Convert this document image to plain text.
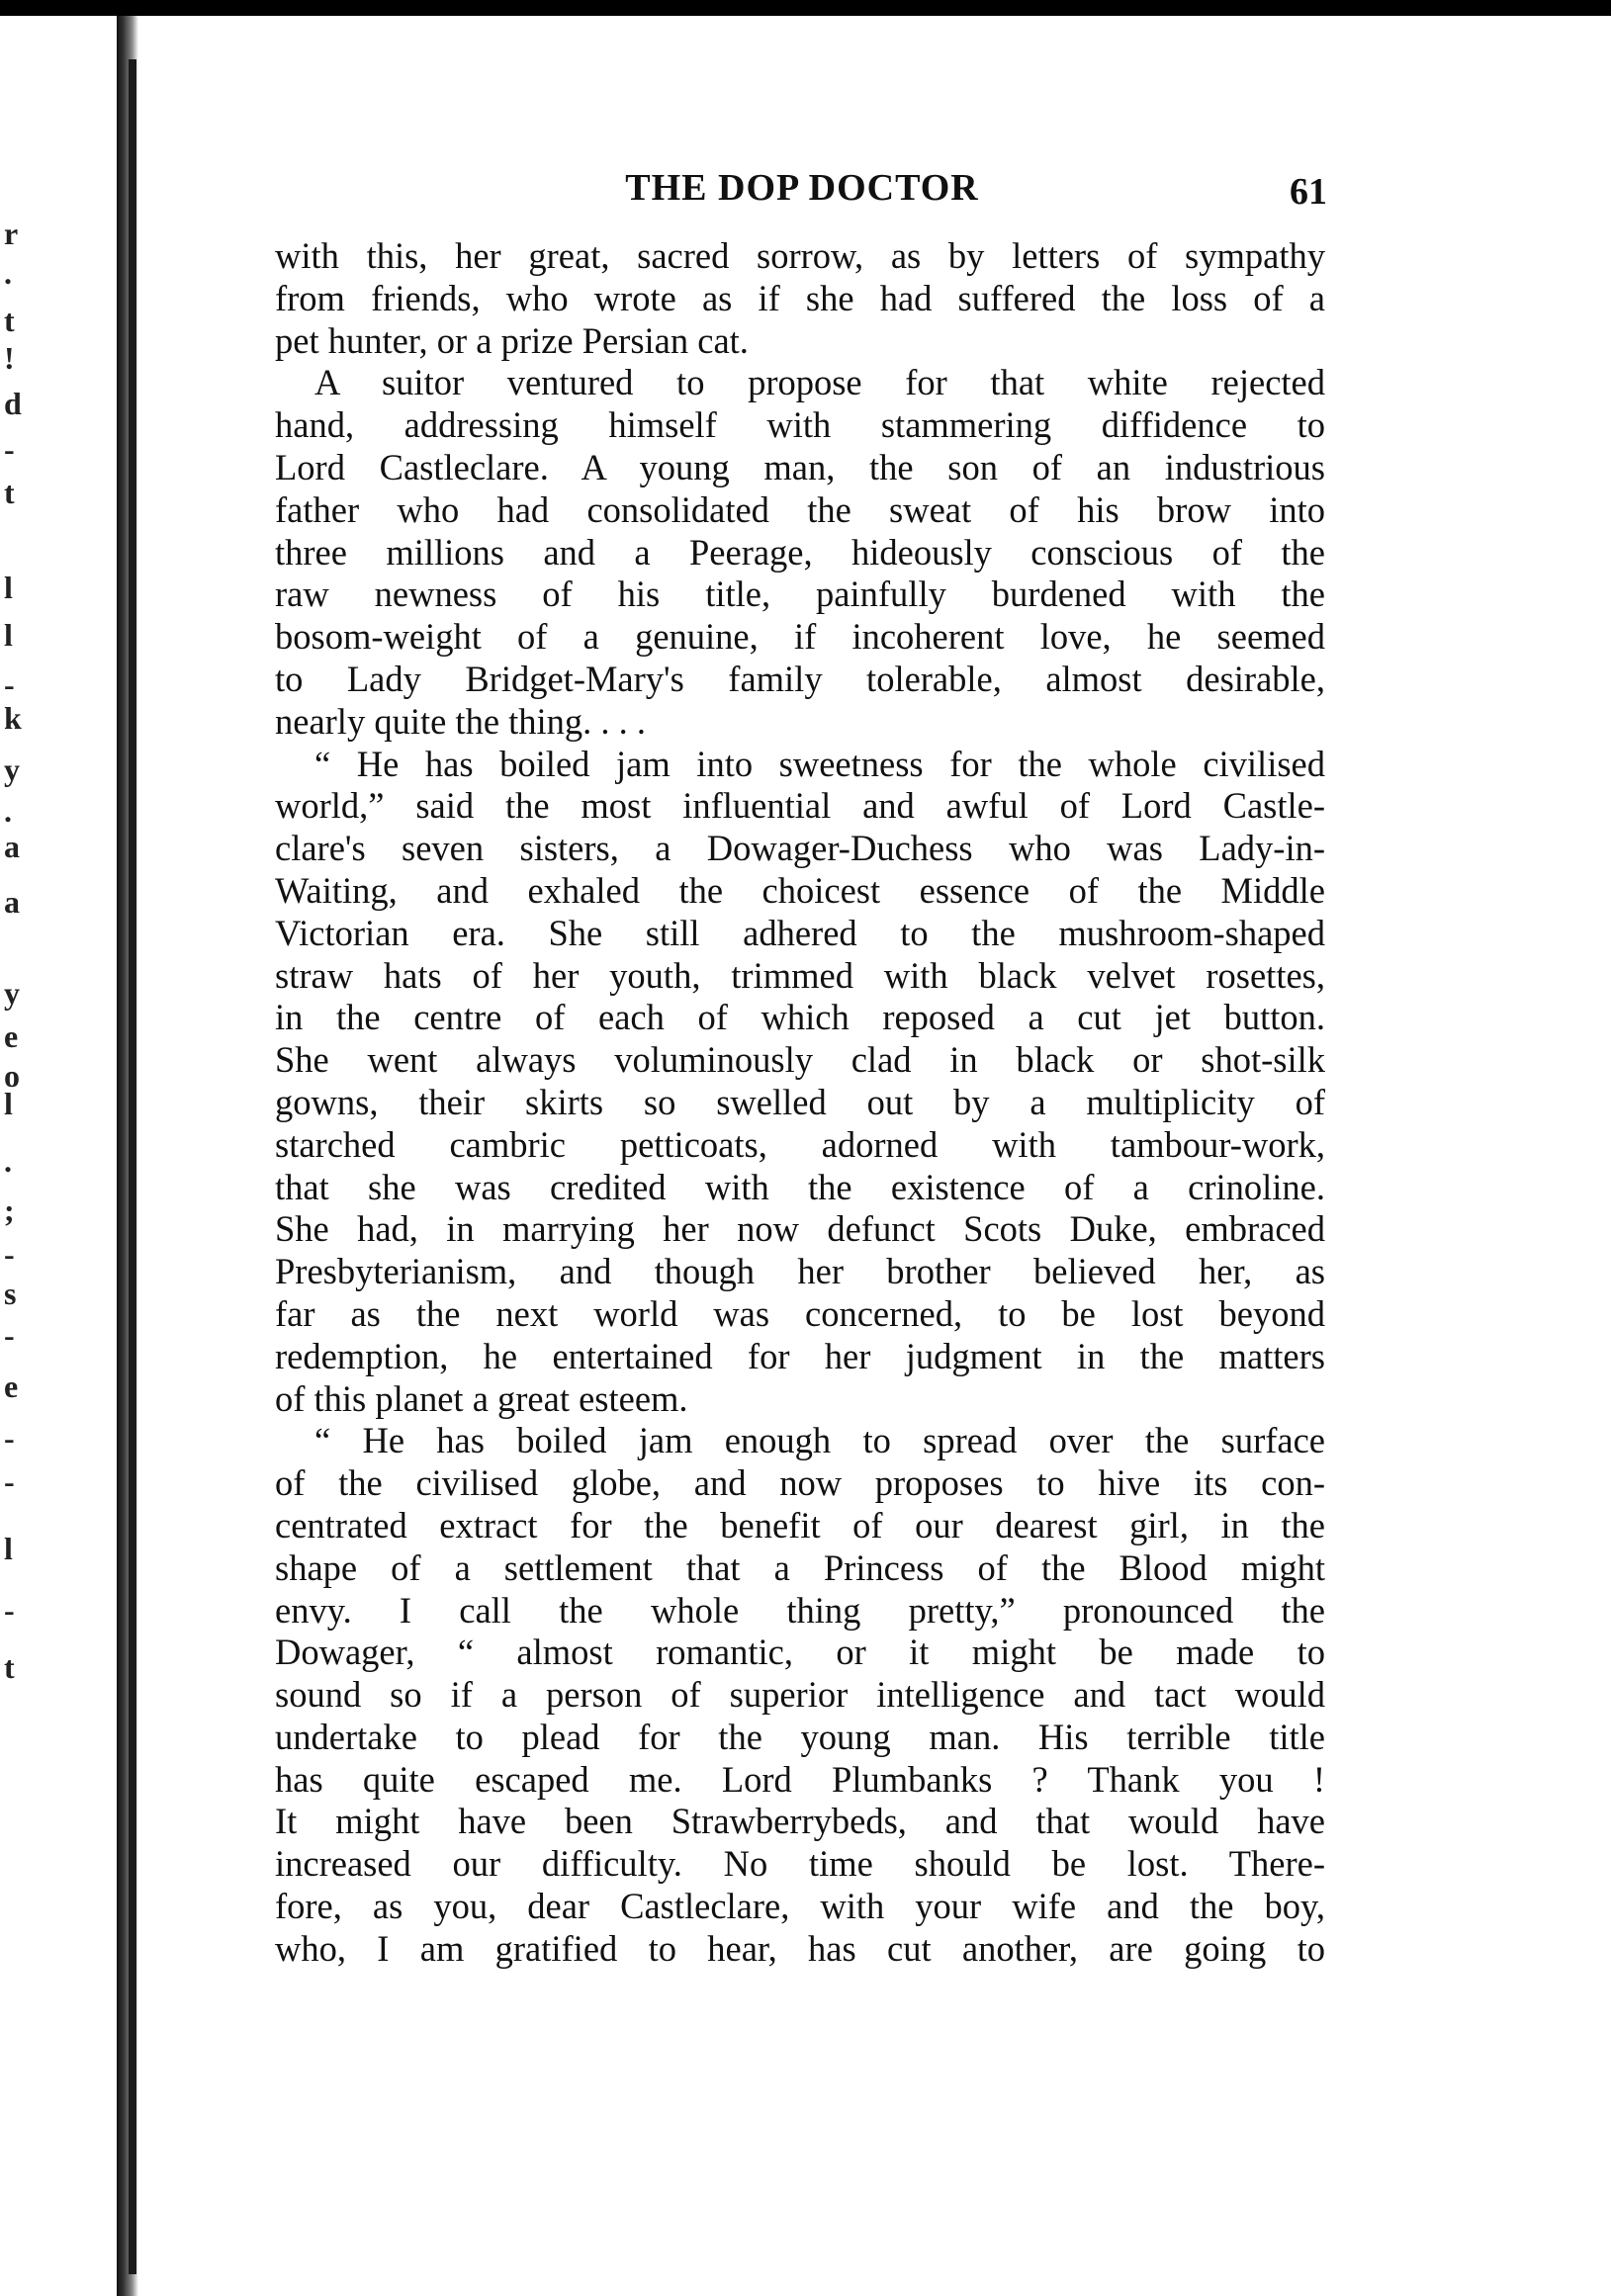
r
.
t
!
d
-
t
l
l
-
k
y
.
a
a
y
e
o
l
.
;
-
s
-
e
-
-
l
-
t
THE DOP DOCTOR	61
with this, her great, sacred sorrow, as by letters of sympathy
from friends, who wrote as if she had suffered the loss of a
pet hunter, or a prize Persian cat.
A suitor ventured to propose for that white rejected
hand, addressing himself with stammering diffidence to
Lord Castleclare. A young man, the son of an industrious
father who had consolidated the sweat of his brow into
three millions and a Peerage, hideously conscious of the
raw newness of his title, painfully burdened with the
bosom-weight of a genuine, if incoherent love, he seemed
to Lady Bridget-Mary's family tolerable, almost desirable,
nearly quite the thing. . . .
“ He has boiled jam into sweetness for the whole civilised
world,” said the most influential and awful of Lord Castle-
clare's seven sisters, a Dowager-Duchess who was Lady-in-
Waiting, and exhaled the choicest essence of the Middle
Victorian era. She still adhered to the mushroom-shaped
straw hats of her youth, trimmed with black velvet rosettes,
in the centre of each of which reposed a cut jet button.
She went always voluminously clad in black or shot-silk
gowns, their skirts so swelled out by a multiplicity of
starched cambric petticoats, adorned with tambour-work,
that she was credited with the existence of a crinoline.
She had, in marrying her now defunct Scots Duke, embraced
Presbyterianism, and though her brother believed her, as
far as the next world was concerned, to be lost beyond
redemption, he entertained for her judgment in the matters
of this planet a great esteem.
“ He has boiled jam enough to spread over the surface
of the civilised globe, and now proposes to hive its con-
centrated extract for the benefit of our dearest girl, in the
shape of a settlement that a Princess of the Blood might
envy. I call the whole thing pretty,” pronounced the
Dowager, “ almost romantic, or it might be made to
sound so if a person of superior intelligence and tact would
undertake to plead for the young man. His terrible title
has quite escaped me. Lord Plumbanks ? Thank you !
It might have been Strawberrybeds, and that would have
increased our difficulty. No time should be lost. There-
fore, as you, dear Castleclare, with your wife and the boy,
who, I am gratified to hear, has cut another, are going to
